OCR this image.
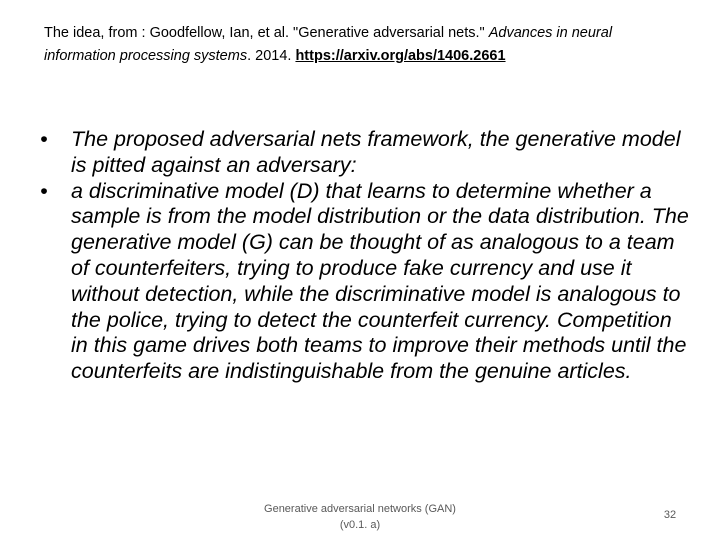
The idea, from : Goodfellow, Ian, et al. "Generative adversarial nets." Advances in neural information processing systems. 2014. https://arxiv.org/abs/1406.2661
• The proposed adversarial nets framework, the generative model is pitted against an adversary:
• a discriminative model (D) that learns to determine whether a sample is from the model distribution or the data distribution. The generative model (G) can be thought of as analogous to a team of counterfeiters, trying to produce fake currency and use it without detection, while the discriminative model is analogous to the police, trying to detect the counterfeit currency. Competition in this game drives both teams to improve their methods until the counterfeits are indistinguishable from the genuine articles.
Generative adversarial networks (GAN)
(v0.1. a)
32
